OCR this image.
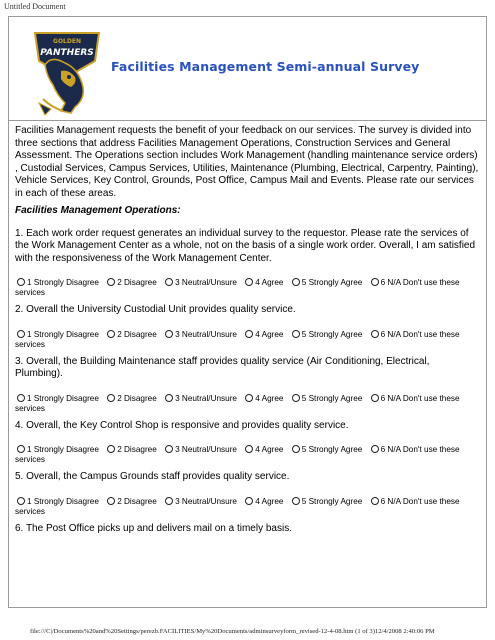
Untitled Document
GOLDEN
PANTHERS
Facilities Management Semi-annual Survey

Facilities Management requests the benefit of your feedback on our services. The survey is divided into three sections that address Facilities Management Operations, Construction Services and General Assessment. The Operations section includes Work Management (handling maintenance service orders) , Custodial Services, Campus Services, Utilities, Maintenance (Plumbing, Electrical, Carpentry, Painting), Vehicle Services, Key Control, Grounds, Post Office, Campus Mail and Events. Please rate our services in each of these areas.

Facilities Management Operations:

1. Each work order request generates an individual survey to the requestor. Please rate the services of the Work Management Center as a whole, not on the basis of a single work order. Overall, I am satisfied with the responsiveness of the Work Management Center.

1 Strongly Disagree 2 Disagree 3 Neutral/Unsure 4 Agree 5 Strongly Agree 6 N/A Don't use these services

2. Overall the University Custodial Unit provides quality service.

1 Strongly Disagree 2 Disagree 3 Neutral/Unsure 4 Agree 5 Strongly Agree 6 N/A Don't use these services

3. Overall, the Building Maintenance staff provides quality service (Air Conditioning, Electrical, Plumbing).

1 Strongly Disagree 2 Disagree 3 Neutral/Unsure 4 Agree 5 Strongly Agree 6 N/A Don't use these services

4. Overall, the Key Control Shop is responsive and provides quality service.

1 Strongly Disagree 2 Disagree 3 Neutral/Unsure 4 Agree 5 Strongly Agree 6 N/A Don't use these services

5. Overall, the Campus Grounds staff provides quality service.

1 Strongly Disagree 2 Disagree 3 Neutral/Unsure 4 Agree 5 Strongly Agree 6 N/A Don't use these services

6. The Post Office picks up and delivers mail on a timely basis.

file:///C|/Documents%20and%20Settings/perezb.FACILITIES/My%20Documents/adminsurveyform_revised-12-4-08.htm (1 of 3)12/4/2008 2:40:06 PM
